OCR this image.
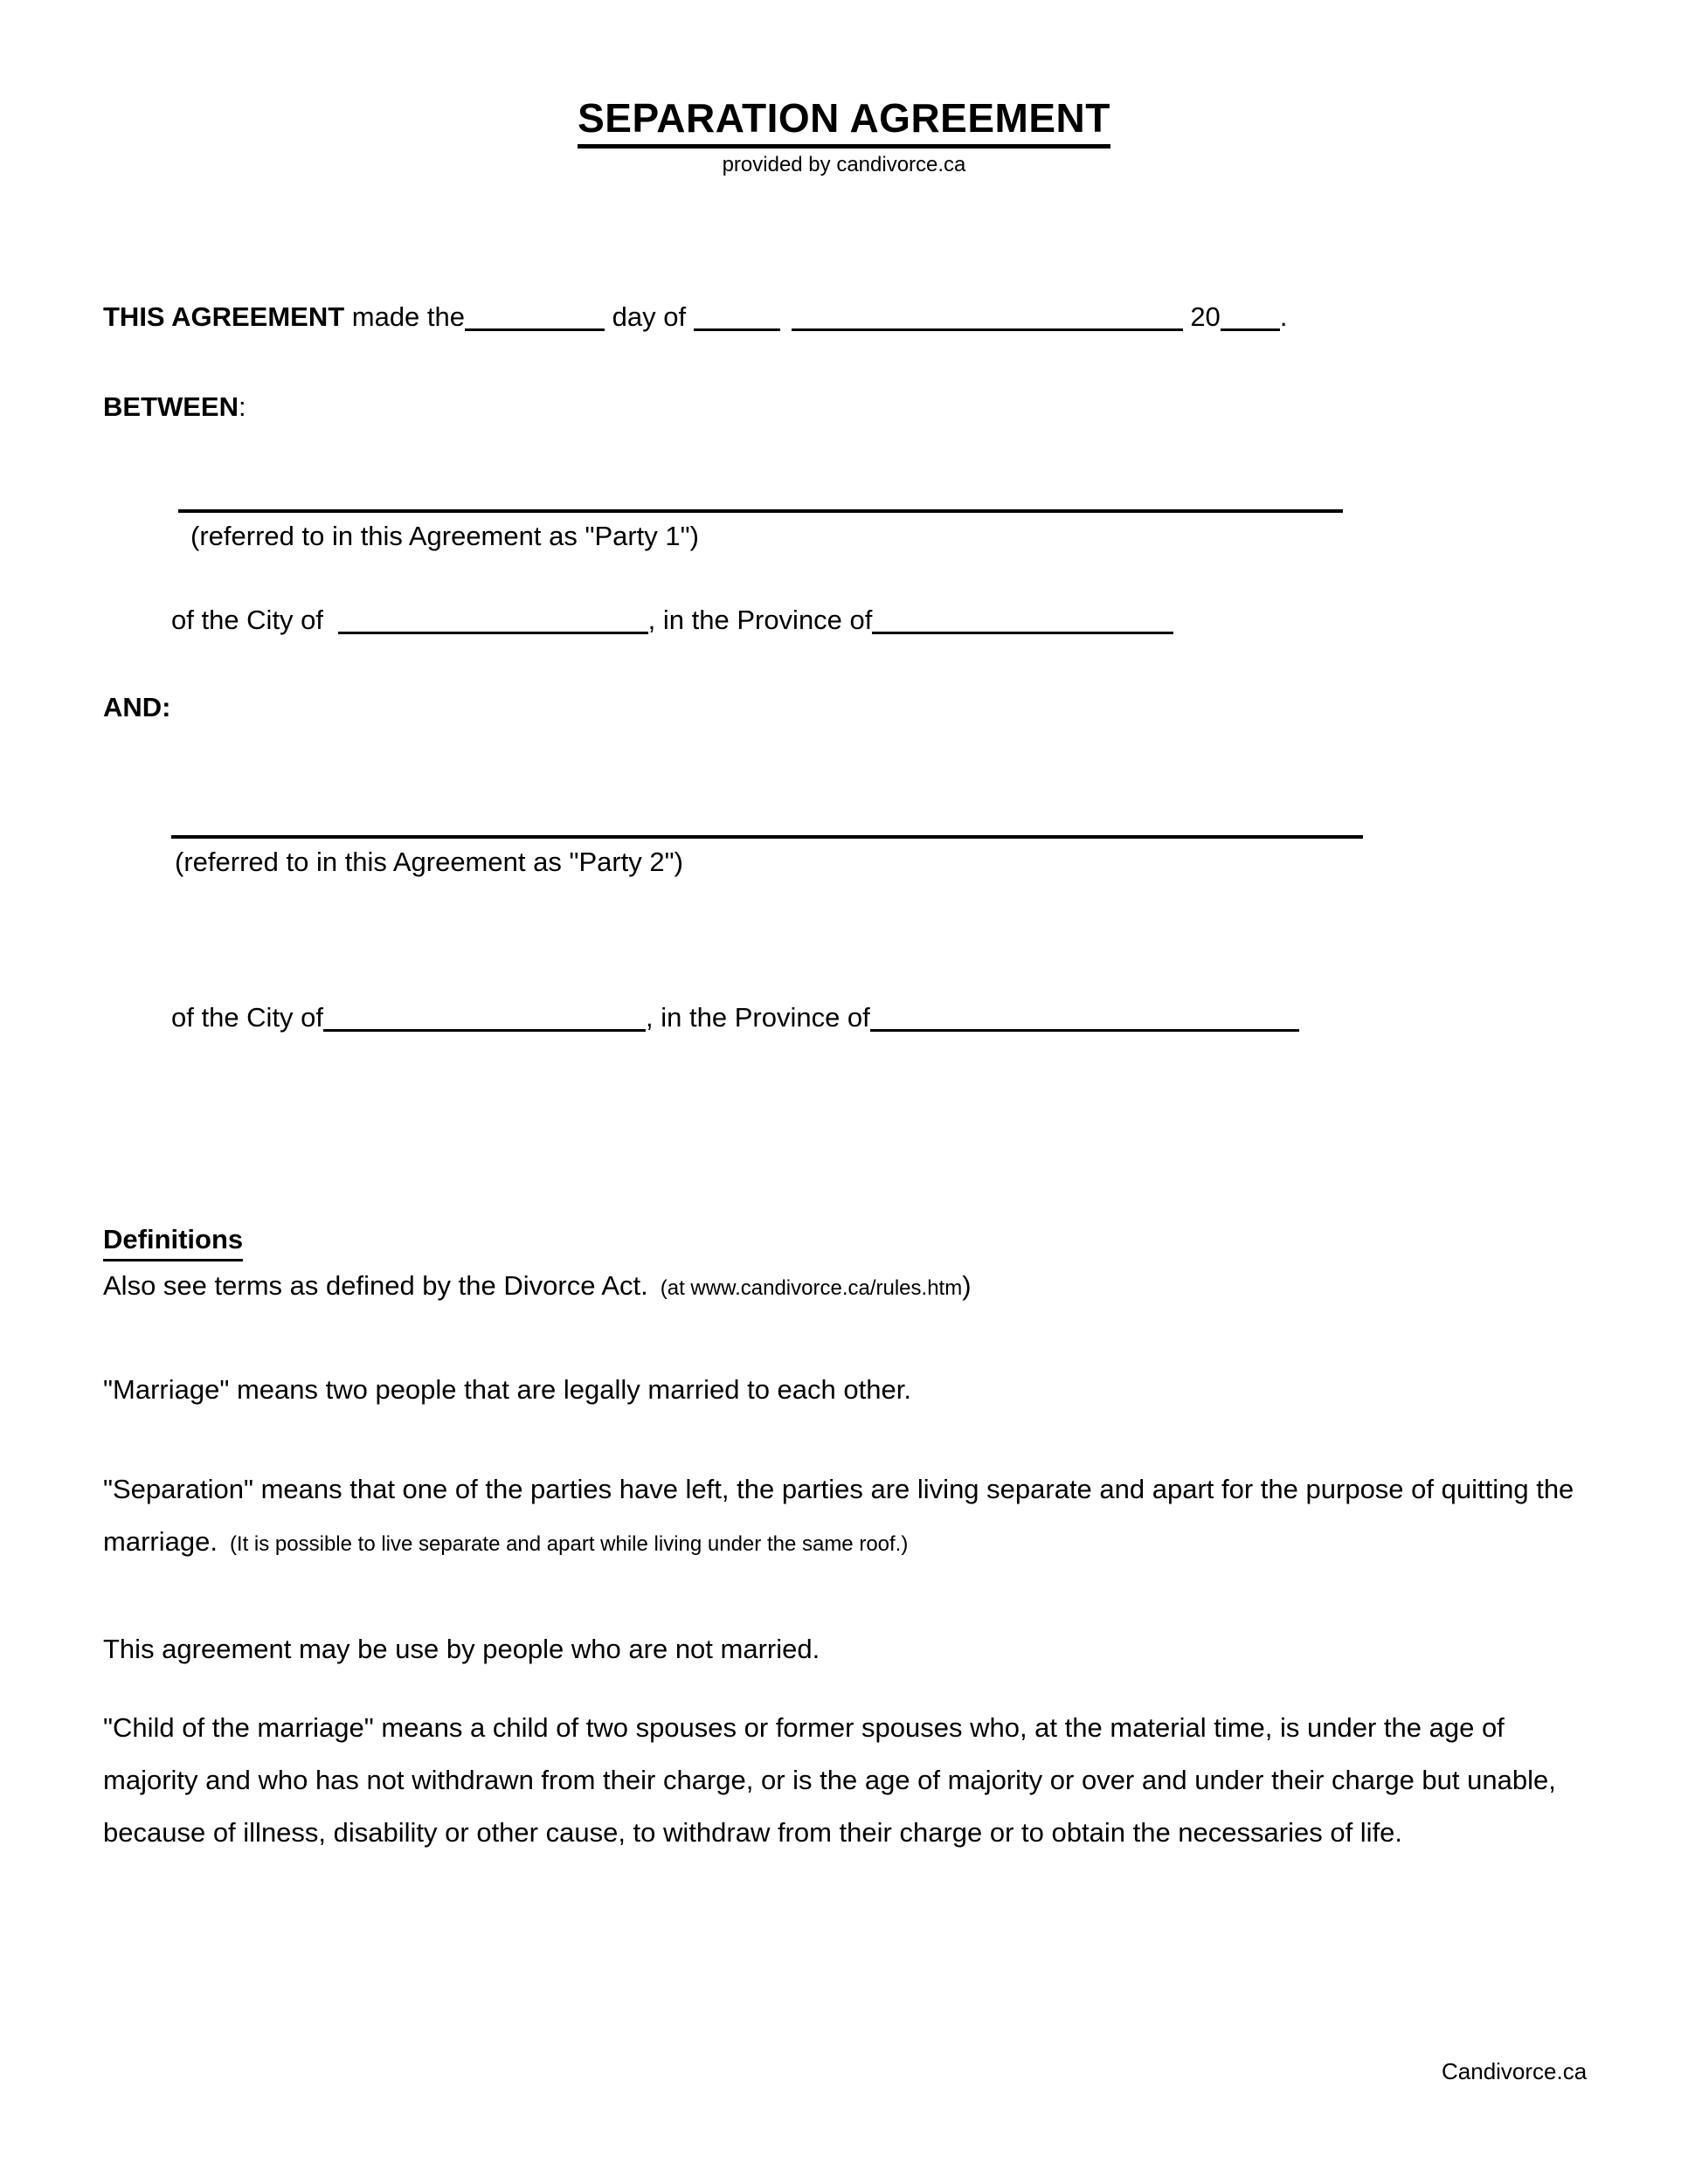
SEPARATION AGREEMENT
provided by candivorce.ca
THIS AGREEMENT made the	day of	20 .
BETWEEN:
(referred to in this Agreement as "Party 1")
of the City of	, in the Province of
AND:
(referred to in this Agreement as "Party 2")
of the City of	, in the Province of
Definitions
Also see terms as defined by the Divorce Act. (at www.candivorce.ca/rules.htm)
"Marriage" means two people that are legally married to each other.
"Separation" means that one of the parties have left, the parties are living separate and apart for the purpose of quitting the marriage. (It is possible to live separate and apart while living under the same roof.)
This agreement may be use by people who are not married.
"Child of the marriage" means a child of two spouses or former spouses who, at the material time, is under the age of majority and who has not withdrawn from their charge, or is the age of majority or over and under their charge but unable, because of illness, disability or other cause, to withdraw from their charge or to obtain the necessaries of life.
Candivorce.ca
